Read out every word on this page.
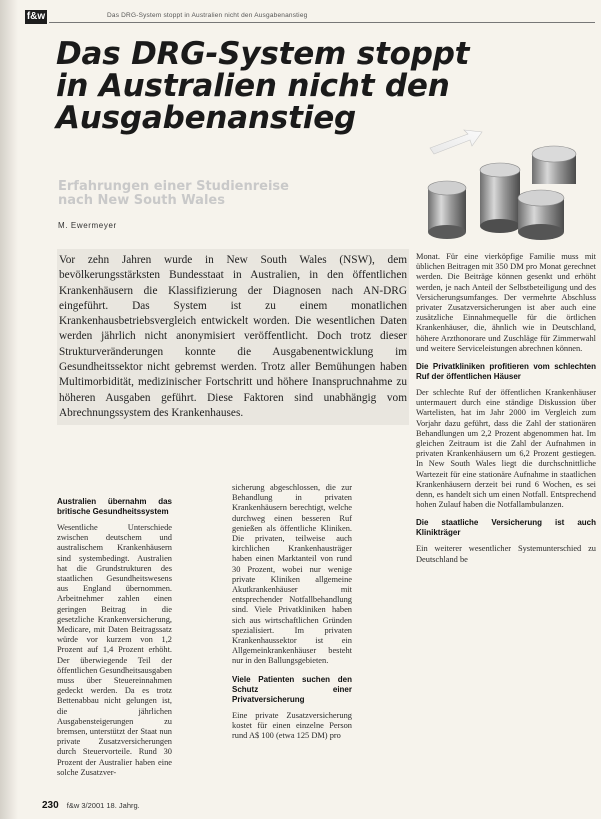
f&w	Das DRG-System stoppt in Australien nicht den Ausgabenanstieg
Das DRG-System stoppt
in Australien nicht den
Ausgabenanstieg
Erfahrungen einer Studienreise
nach New South Wales
M. Ewermeyer

Vor zehn Jahren wurde in New South Wales (NSW), dem bevölkerungsstärksten Bundesstaat in Australien, in den öffentlichen Krankenhäusern die Klassifizierung der Diagnosen nach AN-DRG eingeführt. Das System ist zu einem monatlichen Krankenhausbetriebsvergleich entwickelt worden. Die wesentlichen Daten werden jährlich nicht anonymisiert veröffentlicht. Doch trotz dieser Strukturveränderungen konnte die Ausgabenentwicklung im Gesundheitssektor nicht gebremst werden. Trotz aller Bemühungen haben Multimorbidität, medizinischer Fortschritt und höhere Inanspruchnahme zu höheren Ausgaben geführt. Diese Faktoren sind unabhängig vom Abrechnungssystem des Krankenhauses.

Australien übernahm das britische Gesundheitssystem

Wesentliche Unterschiede zwischen deutschem und australischem Krankenhäusern sind systembedingt. Australien hat die Grundstrukturen des staatlichen Gesundheitswesens aus England übernommen. Arbeitnehmer zahlen einen geringen Beitrag in die gesetzliche Krankenversicherung, Medicare, mit Daten Beitragssatz würde vor kurzem von 1,2 Prozent auf 1,4 Prozent erhöht. Der überwiegende Teil der öffentlichen Gesundheitsausgaben muss über Steuereinnahmen gedeckt werden. Da es trotz Bettenabbau nicht gelungen ist, die jährlichen Ausgabensteigerungen zu bremsen, unterstützt der Staat nun private Zusatzversicherungen durch Steuervorteile. Rund 30 Prozent der Australier haben eine solche Zusatzver-

sicherung abgeschlossen, die zur Behandlung in privaten Krankenhäusern berechtigt, welche durchweg einen besseren Ruf genießen als öffentliche Kliniken. Die privaten, teilweise auch kirchlichen Krankenhausträger haben einen Marktanteil von rund 30 Prozent, wobei nur wenige private Kliniken allgemeine Akutkrankenhäuser mit entsprechender Notfallbehandlung sind. Viele Privatkliniken haben sich aus wirtschaftlichen Gründen spezialisiert. Im privaten Krankenhaussektor ist ein Allgemeinkrankenhäuser besteht nur in den Ballungsgebieten.

Viele Patienten suchen den Schutz einer Privatversicherung

Eine private Zusatzversicherung kostet für einen einzelne Person rund A$ 100 (etwa 125 DM) pro

Monat. Für eine vierköpfige Familie muss mit üblichen Beitragen mit 350 DM pro Monat gerechnet werden. Die Beiträge können gesenkt und erhöht werden, je nach Anteil der Selbstbeteiligung und des Versicherungsumfanges. Der vermehrte Abschluss privater Zusatzversicherungen ist aber auch eine zusätzliche Einnahmequelle für die örtlichen Krankenhäuser, die, ähnlich wie in Deutschland, höhere Arzthonorare und Zuschläge für Zimmerwahl und weitere Serviceleistungen abrechnen können.

Die Privatkliniken profitieren vom schlechten Ruf der öffentlichen Häuser

Der schlechte Ruf der öffentlichen Krankenhäuser untermauert durch eine ständige Diskussion über Wartelisten, hat im Jahr 2000 im Vergleich zum Vorjahr dazu geführt, dass die Zahl der stationären Behandlungen um 2,2 Prozent abgenommen hat. Im gleichen Zeitraum ist die Zahl der Aufnahmen in privaten Krankenhäusern um 6,2 Prozent gestiegen. In New South Wales liegt die durchschnittliche Wartezeit für eine stationäre Aufnahme in staatlichen Krankenhäusern derzeit bei rund 6 Wochen, es sei denn, es handelt sich um einen Notfall. Entsprechend hohen Zulauf haben die Notfallambulanzen.

Die staatliche Versicherung ist auch Klinikträger

Ein weiterer wesentlicher Systemunterschied zu Deutschland be

230 f&w 3/2001 18. Jahrg.
